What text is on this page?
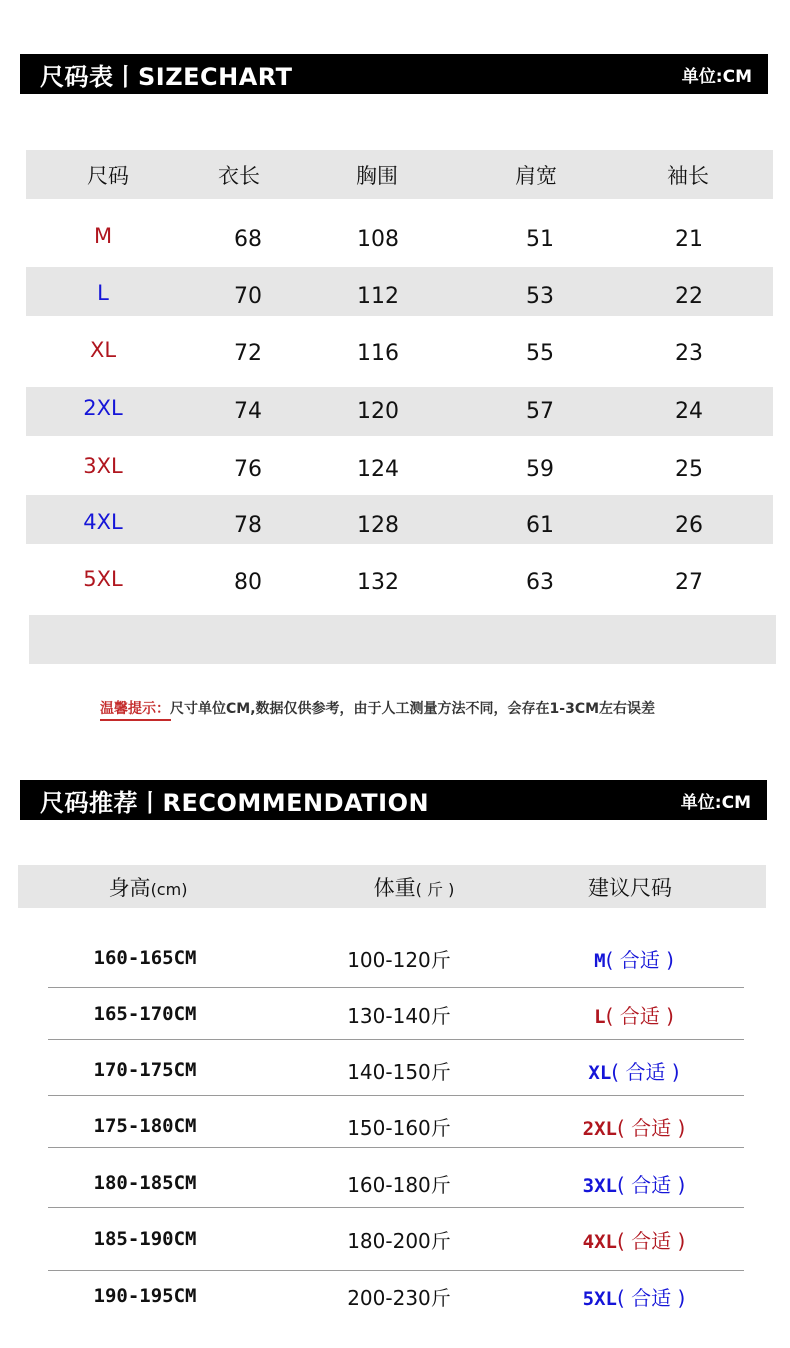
尺码表丨SIZECHART	单位:CM
尺码	衣长	胸围	肩宽	袖长
M	68	108	51	21
L	70	112	53	22
XL	72	116	55	23
2XL	74	120	57	24
3XL	76	124	59	25
4XL	78	128	61	26
5XL	80	132	63	27
温馨提示：尺寸单位CM,数据仅供参考，由于人工测量方法不同，会存在1-3CM左右误差
尺码推荐丨RECOMMENDATION	单位:CM
身高(cm)	体重( 斤 )	建议尺码
160-165CM	100-120斤	M( 合适 )
165-170CM	130-140斤	L( 合适 )
170-175CM	140-150斤	XL( 合适 )
175-180CM	150-160斤	2XL( 合适 )
180-185CM	160-180斤	3XL( 合适 )
185-190CM	180-200斤	4XL( 合适 )
190-195CM	200-230斤	5XL( 合适 )
